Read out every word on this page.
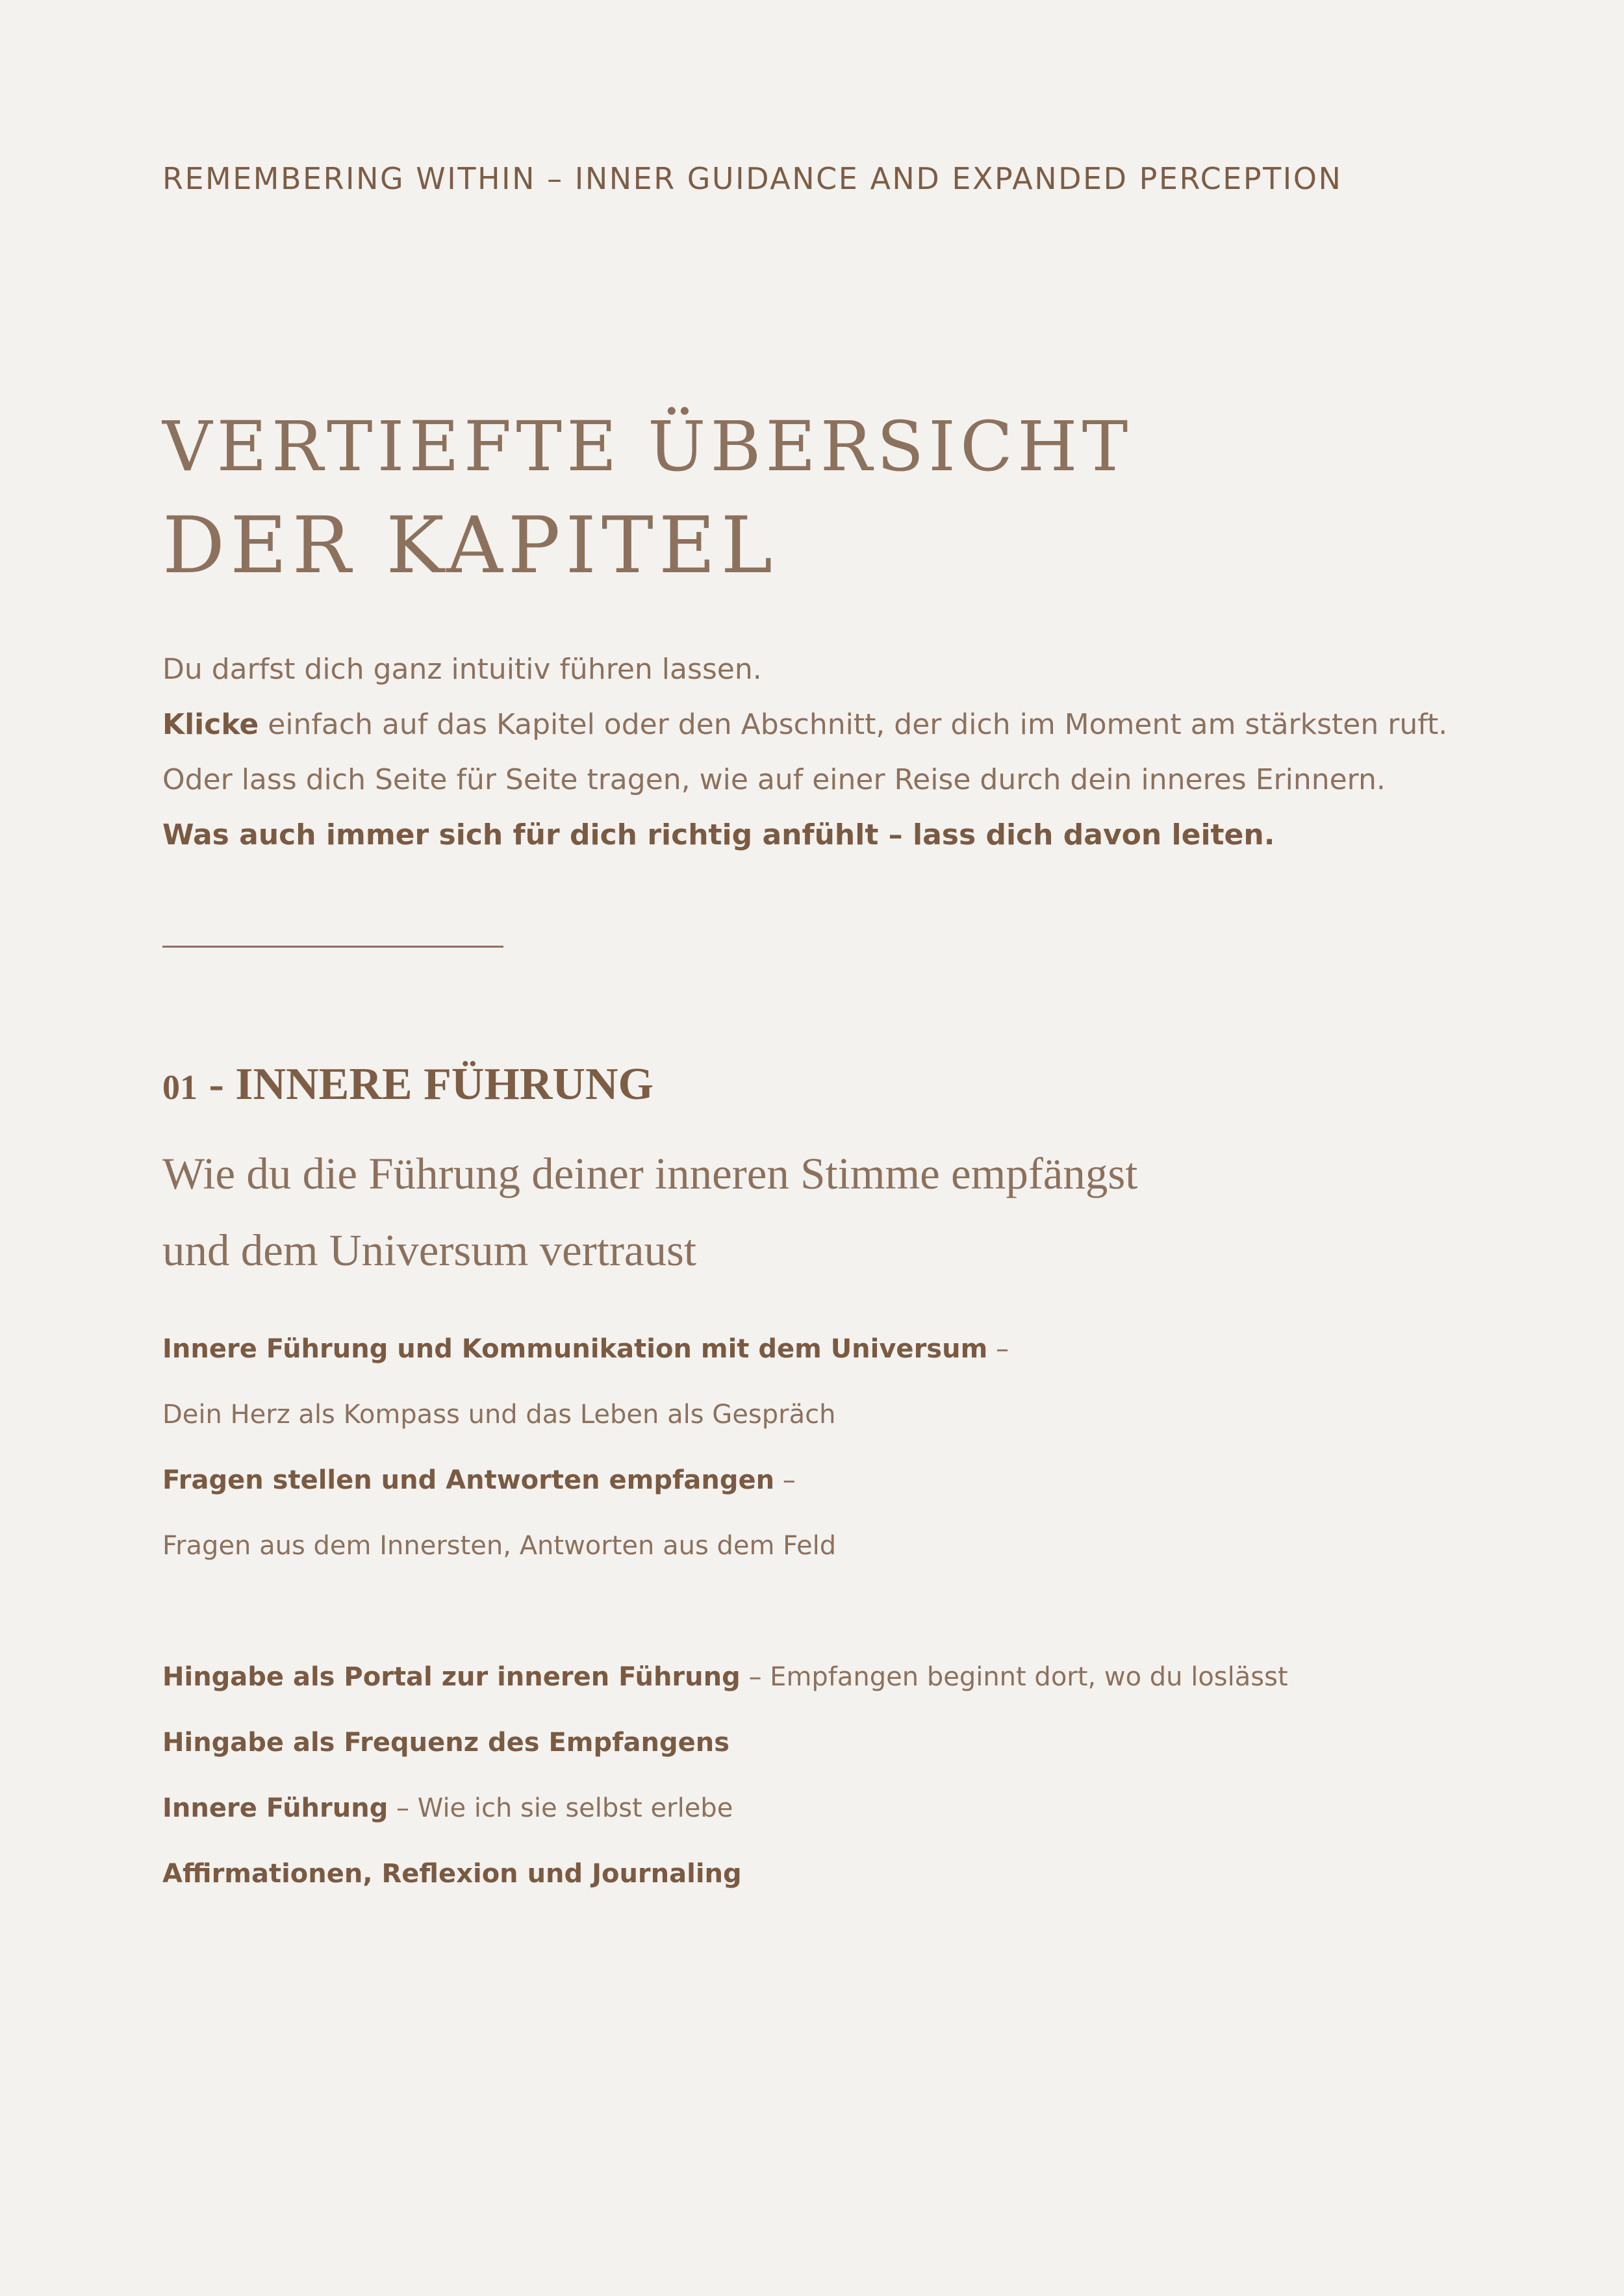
REMEMBERING WITHIN – INNER GUIDANCE AND EXPANDED PERCEPTION
VERTIEFTE ÜBERSICHT
DER KAPITEL

Du darfst dich ganz intuitiv führen lassen.

Klicke einfach auf das Kapitel oder den Abschnitt, der dich im Moment am stärksten ruft.

Oder lass dich Seite für Seite tragen, wie auf einer Reise durch dein inneres Erinnern.

Was auch immer sich für dich richtig anfühlt – lass dich davon leiten.

01 - INNERE FÜHRUNG
Wie du die Führung deiner inneren Stimme empfängst
und dem Universum vertraust
Innere Führung und Kommunikation mit dem Universum –
Dein Herz als Kompass und das Leben als Gespräch
Fragen stellen und Antworten empfangen –
Fragen aus dem Innersten, Antworten aus dem Feld
Hingabe als Portal zur inneren Führung – Empfangen beginnt dort, wo du loslässt
Hingabe als Frequenz des Empfangens
Innere Führung – Wie ich sie selbst erlebe
Affirmationen, Reflexion und Journaling
